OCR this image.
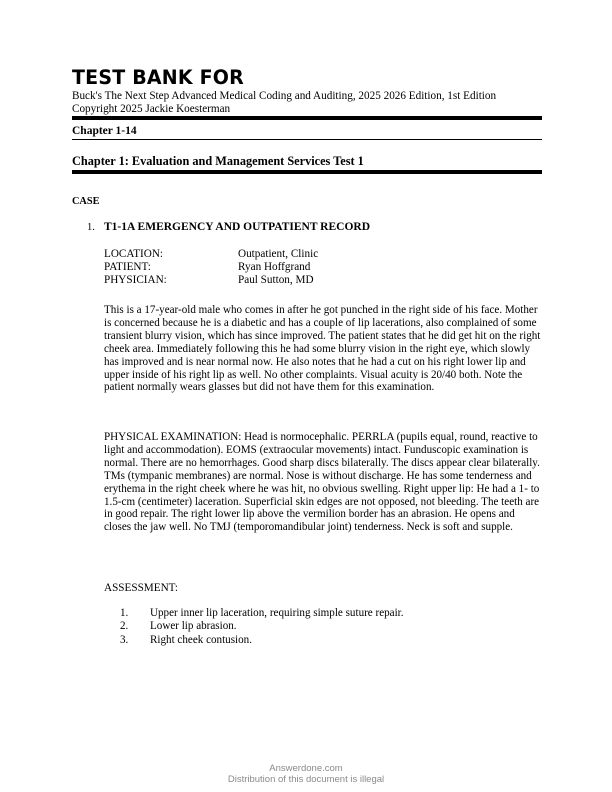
TEST BANK FOR
Buck's The Next Step Advanced Medical Coding and Auditing, 2025 2026 Edition, 1st Edition
Copyright 2025 Jackie Koesterman
Chapter 1-14
Chapter 1: Evaluation and Management Services Test 1
CASE
1. T1-1A EMERGENCY AND OUTPATIENT RECORD
LOCATION:	Outpatient, Clinic
PATIENT:	Ryan Hoffgrand
PHYSICIAN:	Paul Sutton, MD
This is a 17-year-old male who comes in after he got punched in the right side of his face. Mother is concerned because he is a diabetic and has a couple of lip lacerations, also complained of some transient blurry vision, which has since improved. The patient states that he did get hit on the right cheek area. Immediately following this he had some blurry vision in the right eye, which slowly has improved and is near normal now. He also notes that he had a cut on his right lower lip and upper inside of his right lip as well. No other complaints. Visual acuity is 20/40 both. Note the patient normally wears glasses but did not have them for this examination.
PHYSICAL EXAMINATION: Head is normocephalic. PERRLA (pupils equal, round, reactive to light and accommodation). EOMS (extraocular movements) intact. Funduscopic examination is normal. There are no hemorrhages. Good sharp discs bilaterally. The discs appear clear bilaterally. TMs (tympanic membranes) are normal. Nose is without discharge. He has some tenderness and erythema in the right cheek where he was hit, no obvious swelling. Right upper lip: He had a 1- to 1.5-cm (centimeter) laceration. Superficial skin edges are not opposed, not bleeding. The teeth are in good repair. The right lower lip above the vermilion border has an abrasion. He opens and closes the jaw well. No TMJ (temporomandibular joint) tenderness. Neck is soft and supple.
ASSESSMENT:
1.	Upper inner lip laceration, requiring simple suture repair.
2.	Lower lip abrasion.
3.	Right cheek contusion.
Answerdone.com
Distribution of this document is illegal
